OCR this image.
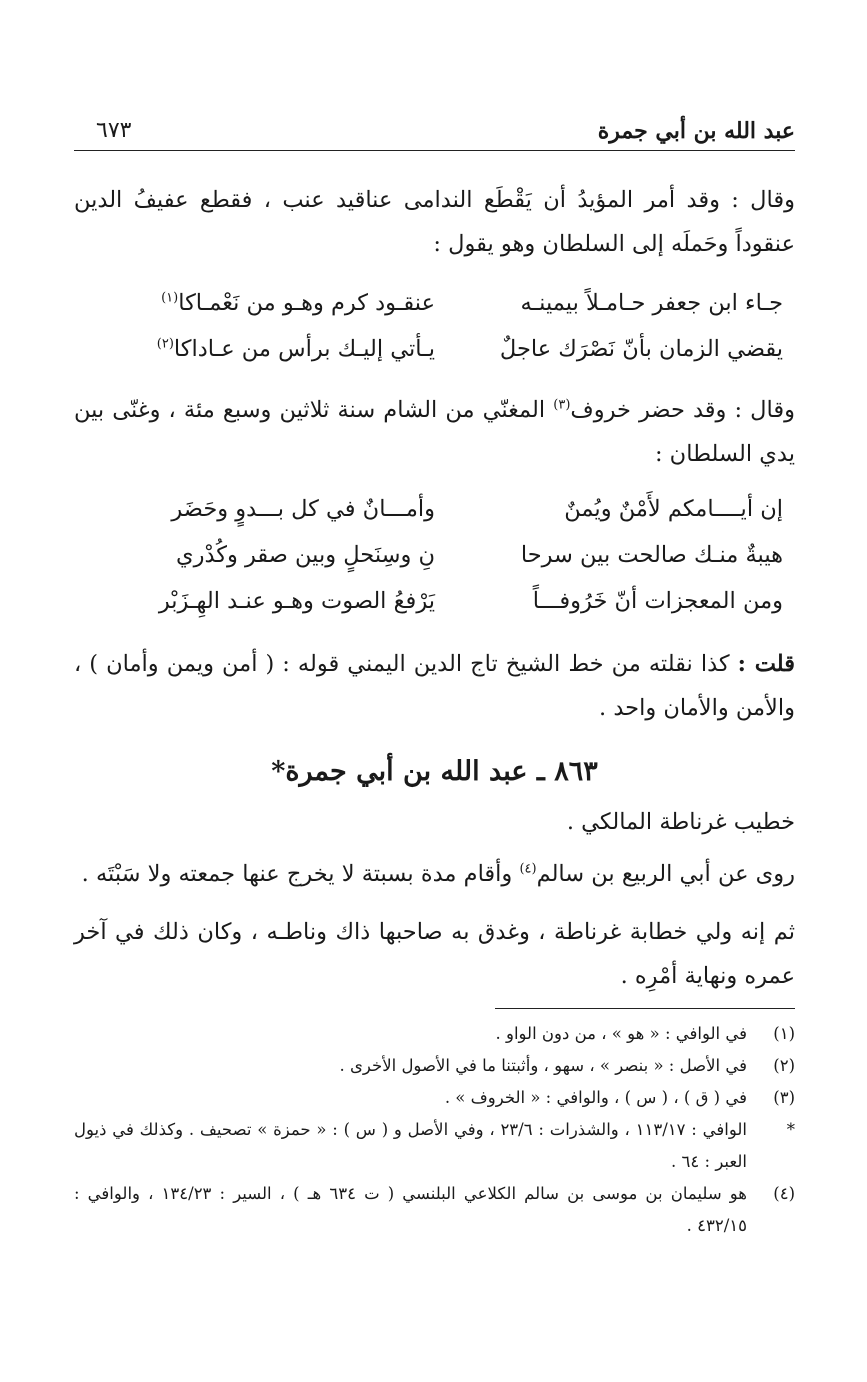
عبد الله بن أبي جمرة
٦٧٣

وقال : وقد أمر المؤيدُ أن يَقْطَع الندامى عناقيد عنب ، فقطع عفيفُ الدين عنقوداً وحَملَه إلى السلطان وهو يقول :

جـاء ابن جعفر حـامـلاً بيمينـه
عنقـود كرم وهـو من نَعْمـاكا$^{(١)}$
يقضي الزمان بأنّ نَصْرَك عاجلٌ
يـأتي إليـك برأس من عـاداكا$^{(٢)}$

وقال : وقد حضر خروف$^{(٣)}$ المغنّي من الشام سنة ثلاثين وسبع مئة ، وغنّى بين يدي السلطان :

إن أيــــامكم لأَمْنٌ ويُمنٌ
وأمـــانٌ في كل بـــدوٍ وحَضَر
هيبةٌ منـك صالحت بين سرحا
نِ وسِنَحلٍ وبين صقر وكُدْري
ومن المعجزات أنّ خَرُوفـــاً
يَرْفعُ الصوت وهـو عنـد الهِـزَبْر

قلت : كذا نقلته من خط الشيخ تاج الدين اليمني قوله : ( أمن ويمن وأمان ) ، والأمن والأمان واحد .

٨٦٣ ـ عبد الله بن أبي جمرة*

خطيب غرناطة المالكي .

روى عن أبي الربيع بن سالم$^{(٤)}$ وأقام مدة بسبتة لا يخرج عنها جمعته ولا سَبْتَه .

ثم إنه ولي خطابة غرناطة ، وغدق به صاحبها ذاك وناطـه ، وكان ذلك في آخر عمره ونهاية أمْرِه .

(١)
في الوافي : « هو » ، من دون الواو .
(٢)
في الأصل : « بنصر » ، سهو ، وأثبتنا ما في الأصول الأخرى .
(٣)
في ( ق ) ، ( س ) ، والوافي : « الخروف » .
*
الوافي : ١١٣/١٧ ، والشذرات : ٢٣/٦ ، وفي الأصل و ( س ) : « حمزة » تصحيف . وكذلك في ذيول العبر : ٦٤ .
(٤)
هو سليمان بن موسى بن سالم الكلاعي البلنسي ( ت ٦٣٤ هـ ) ، السير : ١٣٤/٢٣ ، والوافي : ٤٣٢/١٥ .
